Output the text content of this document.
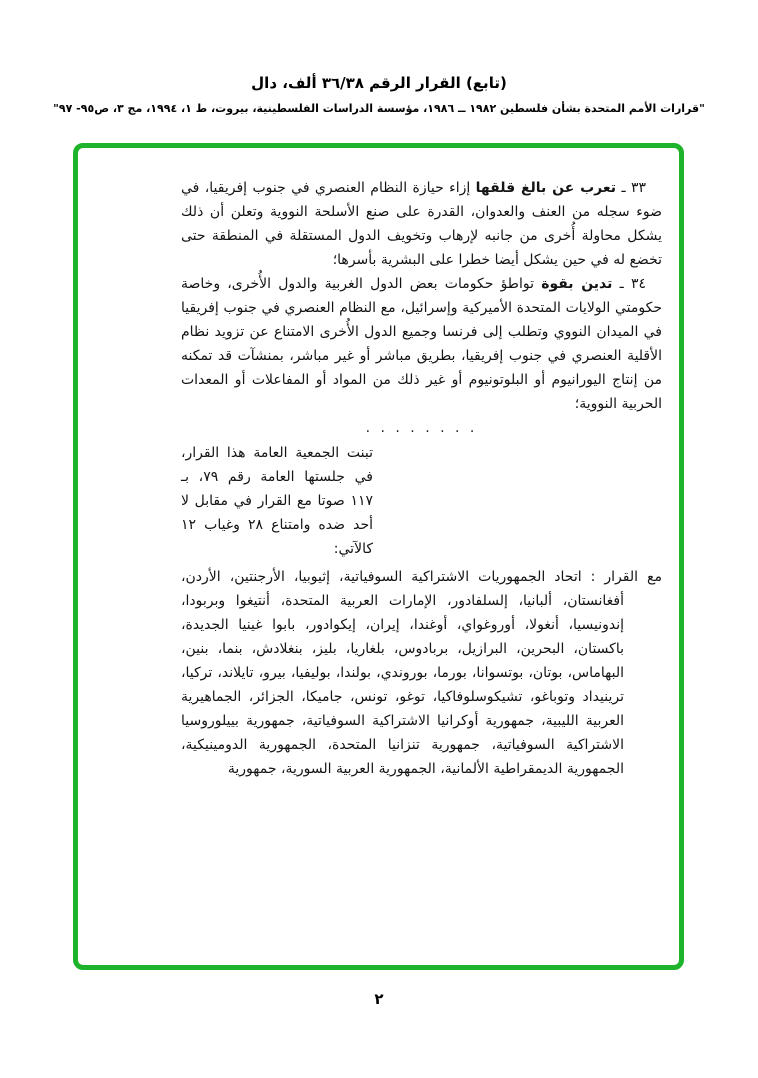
(تابع) القرار الرقم ٣٦/٣٨ ألف، دال
"قرارات الأمم المتحدة بشأن فلسطين ١٩٨٢ ــ ١٩٨٦، مؤسسة الدراسات الفلسطينية، بيروت، ط ١، ١٩٩٤، مج ٣، ص٩٥- ٩٧"

٣٣ ـ تعرب عن بالغ قلقها إزاء حيازة النظام العنصري في جنوب إفريقيا، في ضوء سجله من العنف والعدوان، القدرة على صنع الأسلحة النووية وتعلن أن ذلك يشكل محاولة أُخرى من جانبه لإرهاب وتخويف الدول المستقلة في المنطقة حتى تخضع له في حين يشكل أيضا خطرا على البشرية بأسرها؛

٣٤ ـ تدين بقوة تواطؤ حكومات بعض الدول الغربية والدول الأُخرى، وخاصة حكومتي الولايات المتحدة الأميركية وإسرائيل، مع النظام العنصري في جنوب إفريقيا في الميدان النووي وتطلب إلى فرنسا وجميع الدول الأُخرى الامتناع عن تزويد نظام الأقلية العنصري في جنوب إفريقيا، بطريق مباشر أو غير مباشر، بمنشآت قد تمكنه من إنتاج اليورانيوم أو البلوتونيوم أو غير ذلك من المواد أو المفاعلات أو المعدات الحربية النووية؛

. . . . . . . .
تبنت الجمعية العامة هذا القرار، في جلستها العامة رقم ٧٩، بـ ١١٧ صوتا مع القرار في مقابل لا أحد ضده وامتناع ٢٨ وغياب ١٢ كالآتي:

مع القرار : اتحاد الجمهوريات الاشتراكية السوفياتية، إثيوبيا، الأرجنتين، الأردن، أفغانستان، ألبانيا، إلسلفادور، الإمارات العربية المتحدة، أنتيغوا وبربودا، إندونيسيا، أنغولا، أوروغواي، أوغندا، إيران، إيكوادور، بابوا غينيا الجديدة، باكستان، البحرين، البرازيل، بربادوس، بلغاريا، بليز، بنغلادش، بنما، بنين، البهاماس، بوتان، بوتسوانا، بورما، بوروندي، بولندا، بوليفيا، بيرو، تايلاند، تركيا، ترينيداد وتوباغو، تشيكوسلوفاكيا، توغو، تونس، جاميكا، الجزائر، الجماهيرية العربية الليبية، جمهورية أوكرانيا الاشتراكية السوفياتية، جمهورية بييلوروسيا الاشتراكية السوفياتية، جمهورية تنزانيا المتحدة، الجمهورية الدومينيكية، الجمهورية الديمقراطية الألمانية، الجمهورية العربية السورية، جمهورية

٢
